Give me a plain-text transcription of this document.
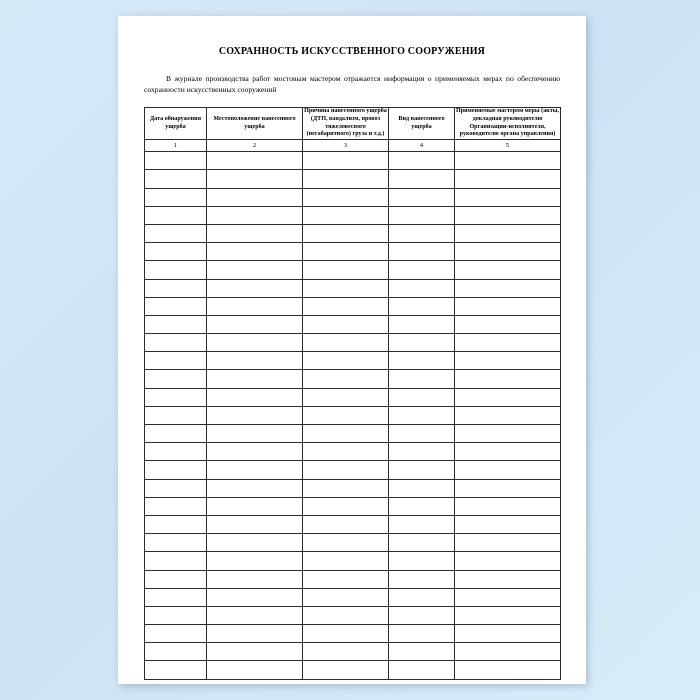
СОХРАННОСТЬ ИСКУССТВЕННОГО СООРУЖЕНИЯ

В журнале производства работ мостовым мастером отражается информация о применяемых мерах по обеспечению сохранности искусственных сооружений

Дата обнаружения ущерба	Местоположение нанесенного ущерба	Причина нанесенного ущерба (ДТП, вандализм, провоз тяжеловесного (негабаритного) груза и т.д.)	Вид нанесенного ущерба	Применяемые мастером меры (акты, докладная руководителю Организации-исполнителя, руководителю органа управления)
1	2	3	4	5
